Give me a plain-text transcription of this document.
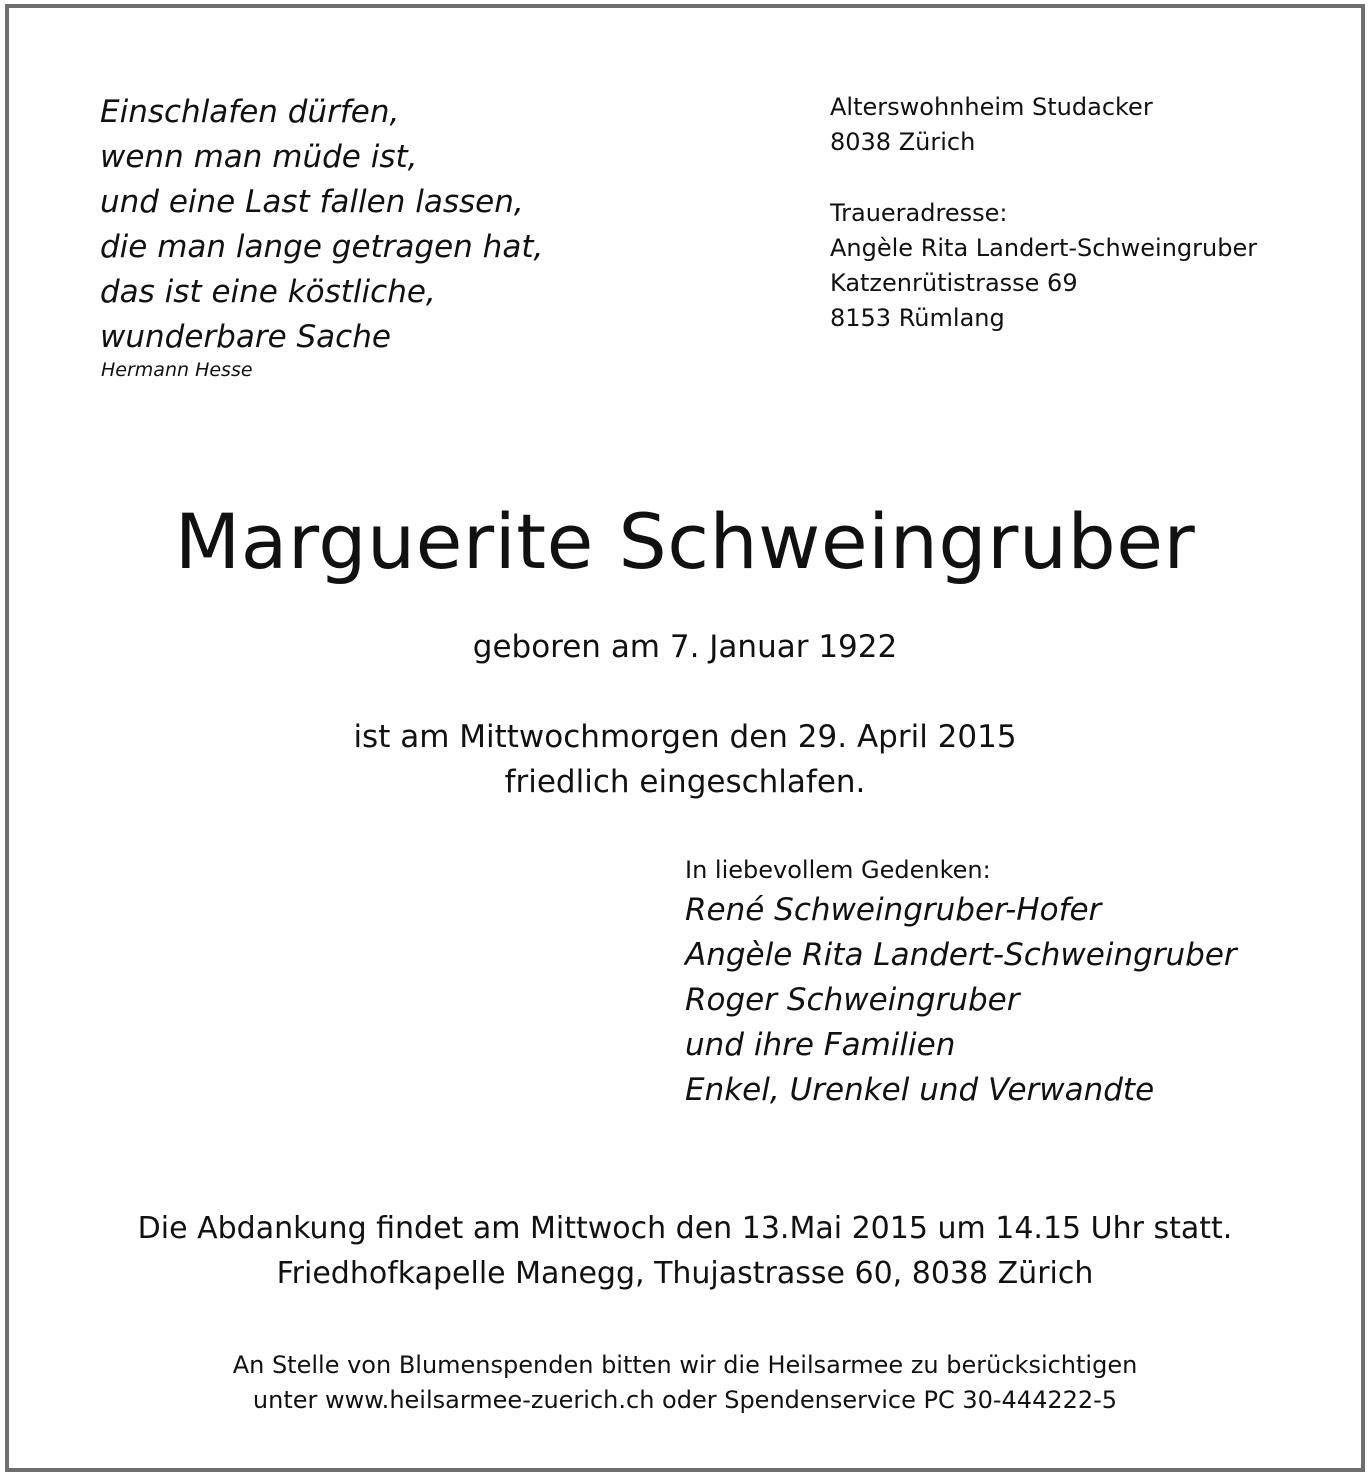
Einschlafen dürfen,
wenn man müde ist,
und eine Last fallen lassen,
die man lange getragen hat,
das ist eine köstliche,
wunderbare Sache
Hermann Hesse
Alterswohnheim Studacker
8038 Zürich
Traueradresse:
Angèle Rita Landert-Schweingruber
Katzenrütistrasse 69
8153 Rümlang
Marguerite Schweingruber
geboren am 7. Januar 1922
ist am Mittwochmorgen den 29. April 2015
friedlich eingeschlafen.
In liebevollem Gedenken:
René Schweingruber-Hofer
Angèle Rita Landert-Schweingruber
Roger Schweingruber
und ihre Familien
Enkel, Urenkel und Verwandte
Die Abdankung findet am Mittwoch den 13.Mai 2015 um 14.15 Uhr statt.
Friedhofkapelle Manegg, Thujastrasse 60, 8038 Zürich
An Stelle von Blumenspenden bitten wir die Heilsarmee zu berücksichtigen
unter www.heilsarmee-zuerich.ch oder Spendenservice PC 30-444222-5
